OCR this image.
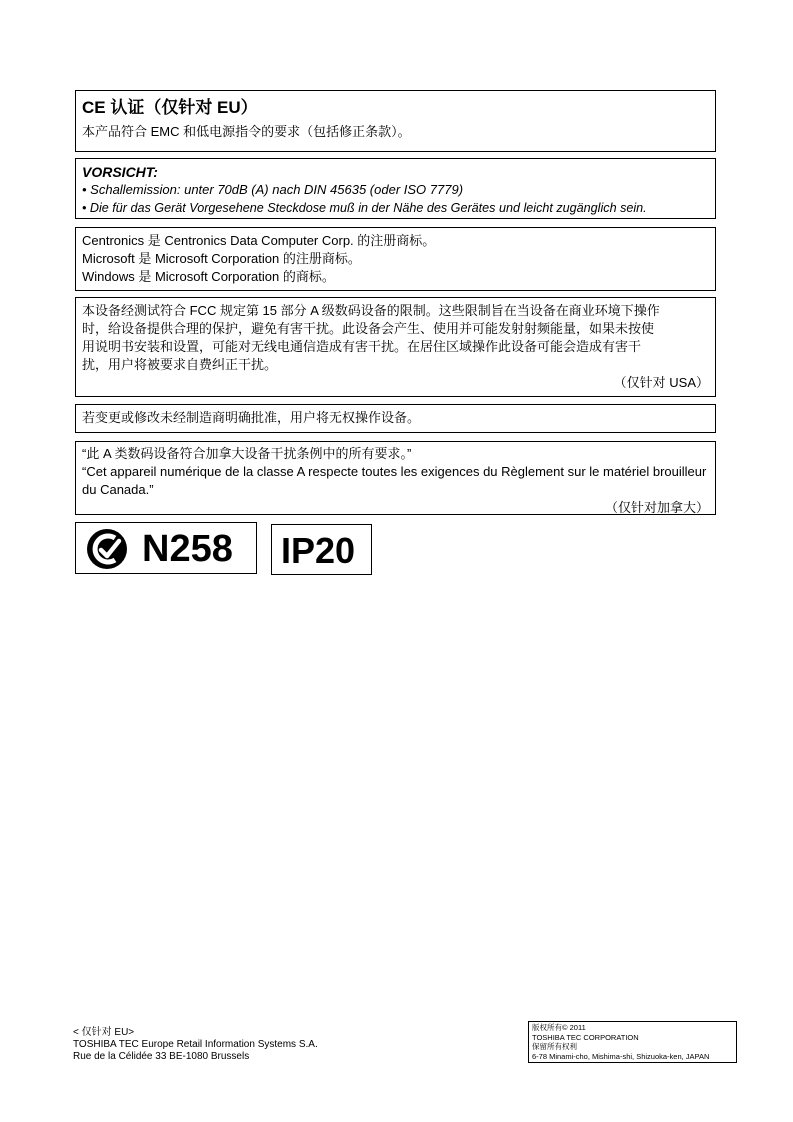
CE 认证（仅针对 EU）
本产品符合 EMC 和低电源指令的要求（包括修正条款）。
VORSICHT:
• Schallemission: unter 70dB (A) nach DIN 45635 (oder ISO 7779)
• Die für das Gerät Vorgesehene Steckdose muß in der Nähe des Gerätes und leicht zugänglich sein.
Centronics 是 Centronics Data Computer Corp. 的注册商标。
Microsoft 是 Microsoft Corporation 的注册商标。
Windows 是 Microsoft Corporation 的商标。
本设备经测试符合 FCC 规定第 15 部分 A 级数码设备的限制。这些限制旨在当设备在商业环境下操作
时，给设备提供合理的保护，避免有害干扰。此设备会产生、使用并可能发射射频能量，如果未按使
用说明书安装和设置，可能对无线电通信造成有害干扰。在居住区域操作此设备可能会造成有害干
扰，用户将被要求自费纠正干扰。
（仅针对 USA）
若变更或修改未经制造商明确批准，用户将无权操作设备。
“此 A 类数码设备符合加拿大设备干扰条例中的所有要求。”
“Cet appareil numérique de la classe A respecte toutes les exigences du Règlement sur le matériel brouilleur du Canada.”
（仅针对加拿大）
N258 IP20
< 仅针对 EU>
TOSHIBA TEC Europe Retail Information Systems S.A.
Rue de la Célidée 33 BE-1080 Brussels
版权所有© 2011
TOSHIBA TEC CORPORATION
保留所有权利
6-78 Minami-cho, Mishima-shi, Shizuoka-ken, JAPAN
